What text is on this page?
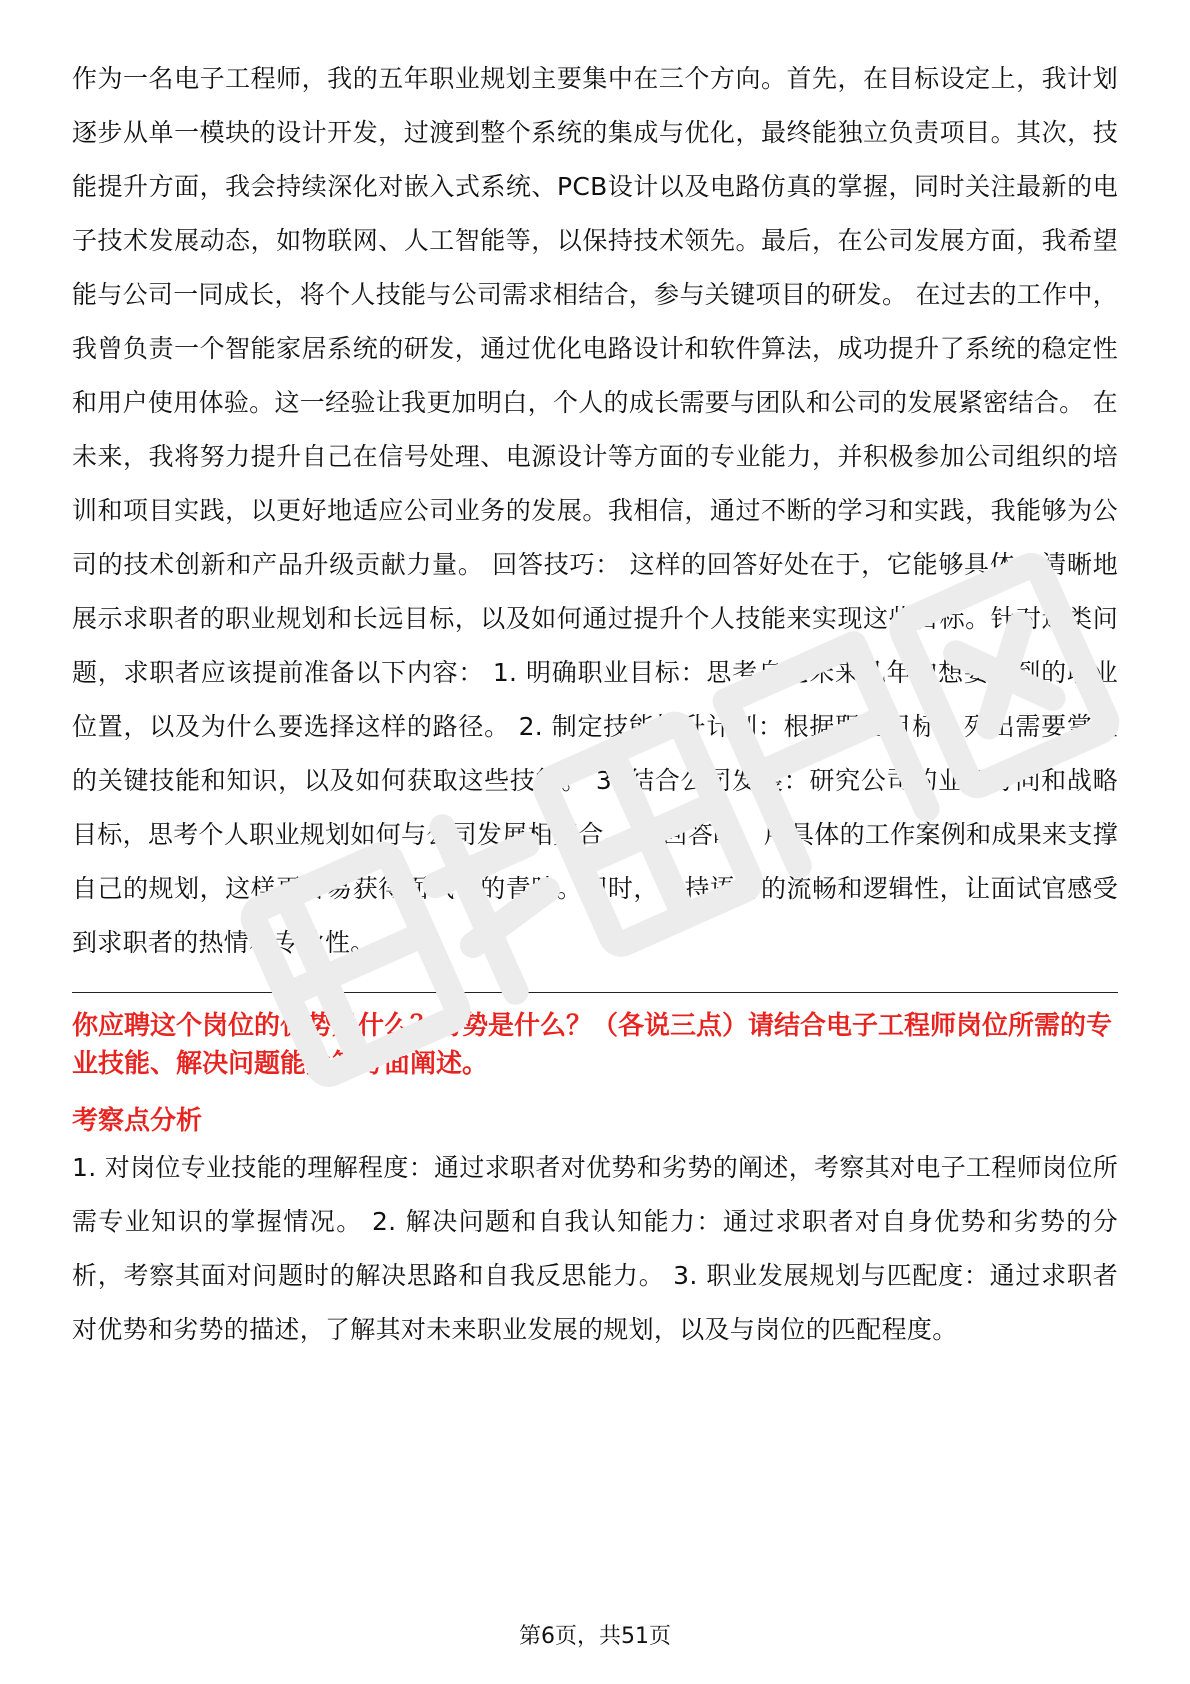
作为一名电子工程师，我的五年职业规划主要集中在三个方向。首先，在目标设定上，我计划逐步从单一模块的设计开发，过渡到整个系统的集成与优化，最终能独立负责项目。其次，技能提升方面，我会持续深化对嵌入式系统、PCB设计以及电路仿真的掌握，同时关注最新的电子技术发展动态，如物联网、人工智能等，以保持技术领先。最后，在公司发展方面，我希望能与公司一同成长，将个人技能与公司需求相结合，参与关键项目的研发。 在过去的工作中，我曾负责一个智能家居系统的研发，通过优化电路设计和软件算法，成功提升了系统的稳定性和用户使用体验。这一经验让我更加明白，个人的成长需要与团队和公司的发展紧密结合。 在未来，我将努力提升自己在信号处理、电源设计等方面的专业能力，并积极参加公司组织的培训和项目实践，以更好地适应公司业务的发展。我相信，通过不断的学习和实践，我能够为公司的技术创新和产品升级贡献力量。 回答技巧： 这样的回答好处在于，它能够具体、清晰地展示求职者的职业规划和长远目标，以及如何通过提升个人技能来实现这些目标。针对这类问题，求职者应该提前准备以下内容： 1. 明确职业目标：思考自己未来几年内想要达到的职业位置，以及为什么要选择这样的路径。 2. 制定技能提升计划：根据职业目标，列出需要掌握的关键技能和知识，以及如何获取这些技能。 3. 结合公司发展：研究公司的业务方向和战略目标，思考个人职业规划如何与公司发展相契合。 在回答时，用具体的工作案例和成果来支撑自己的规划，这样更容易获得面试官的青睐。同时，保持语言的流畅和逻辑性，让面试官感受到求职者的热情和专业性。

你应聘这个岗位的优势是什么？劣势是什么？（各说三点）请结合电子工程师岗位所需的专业技能、解决问题能力等方面阐述。

考察点分析

1. 对岗位专业技能的理解程度：通过求职者对优势和劣势的阐述，考察其对电子工程师岗位所需专业知识的掌握情况。 2. 解决问题和自我认知能力：通过求职者对自身优势和劣势的分析，考察其面对问题时的解决思路和自我反思能力。 3. 职业发展规划与匹配度：通过求职者对优势和劣势的描述，了解其对未来职业发展的规划，以及与岗位的匹配程度。

第6页，共51页
